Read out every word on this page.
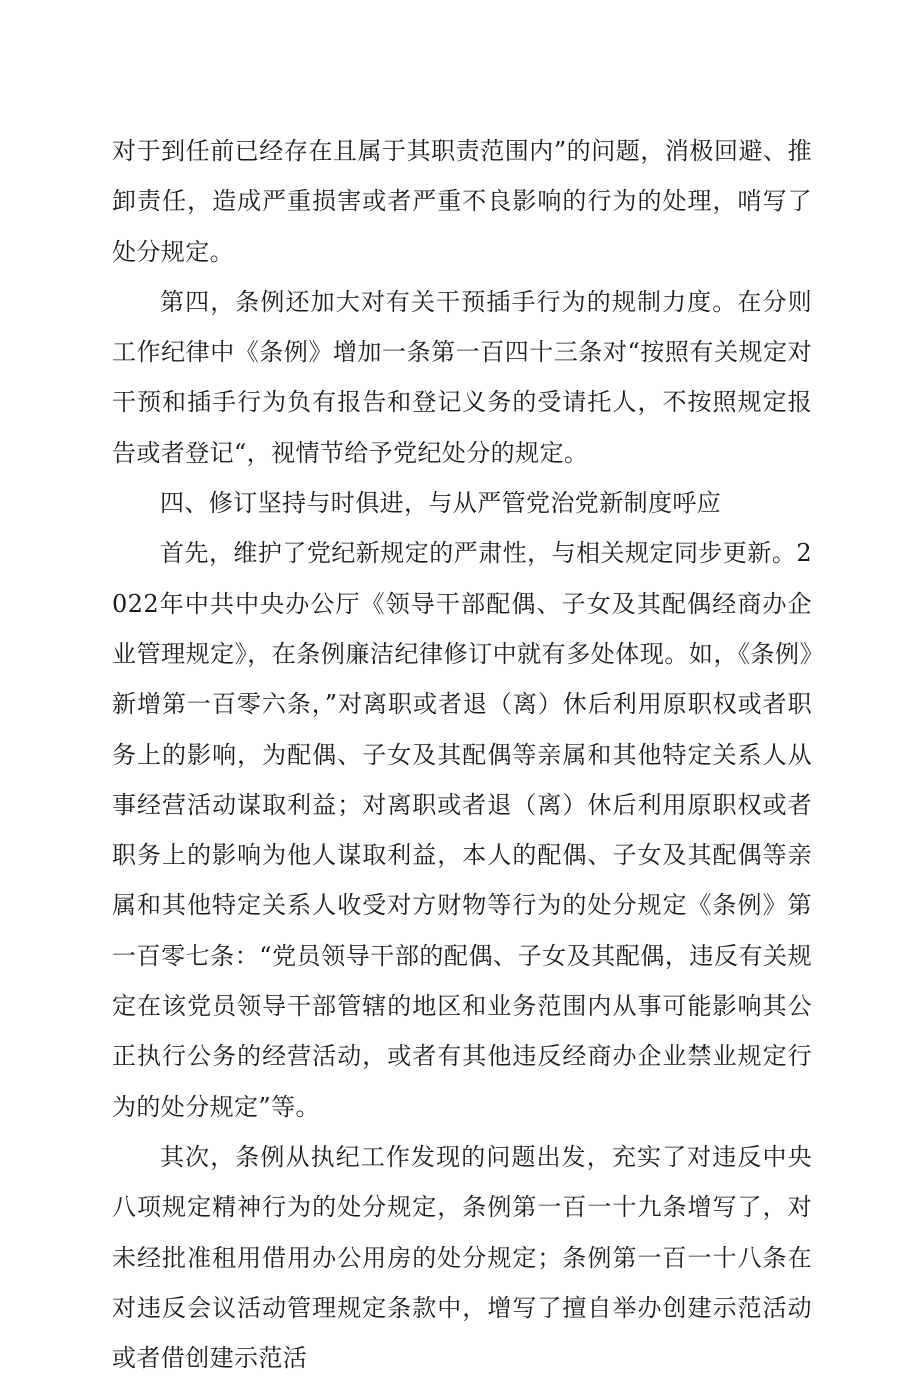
对于到任前已经存在且属于其职责范围内”的问题，消极回避、推卸责任，造成严重损害或者严重不良影响的行为的处理，哨写了处分规定。

第四，条例还加大对有关干预插手行为的规制力度。在分则工作纪律中《条例》增加一条第一百四十三条对“按照有关规定对干预和插手行为负有报告和登记义务的受请托人，不按照规定报告或者登记“，视情节给予党纪处分的规定。

四、修订坚持与时俱进，与从严管党治党新制度呼应

首先，维护了党纪新规定的严肃性，与相关规定同步更新。2022年中共中央办公厅《领导干部配偶、子女及其配偶经商办企业管理规定》，在条例廉洁纪律修订中就有多处体现。如，《条例》新增第一百零六条，”对离职或者退（离）休后利用原职权或者职务上的影响，为配偶、子女及其配偶等亲属和其他特定关系人从事经营活动谋取利益；对离职或者退（离）休后利用原职权或者职务上的影响为他人谋取利益，本人的配偶、子女及其配偶等亲属和其他特定关系人收受对方财物等行为的处分规定《条例》第一百零七条：“党员领导干部的配偶、子女及其配偶，违反有关规定在该党员领导干部管辖的地区和业务范围内从事可能影响其公正执行公务的经营活动，或者有其他违反经商办企业禁业规定行为的处分规定”等。

其次，条例从执纪工作发现的问题出发，充实了对违反中央八项规定精神行为的处分规定，条例第一百一十九条增写了，对未经批准租用借用办公用房的处分规定；条例第一百一十八条在对违反会议活动管理规定条款中，增写了擅自举办创建示范活动或者借创建示范活
